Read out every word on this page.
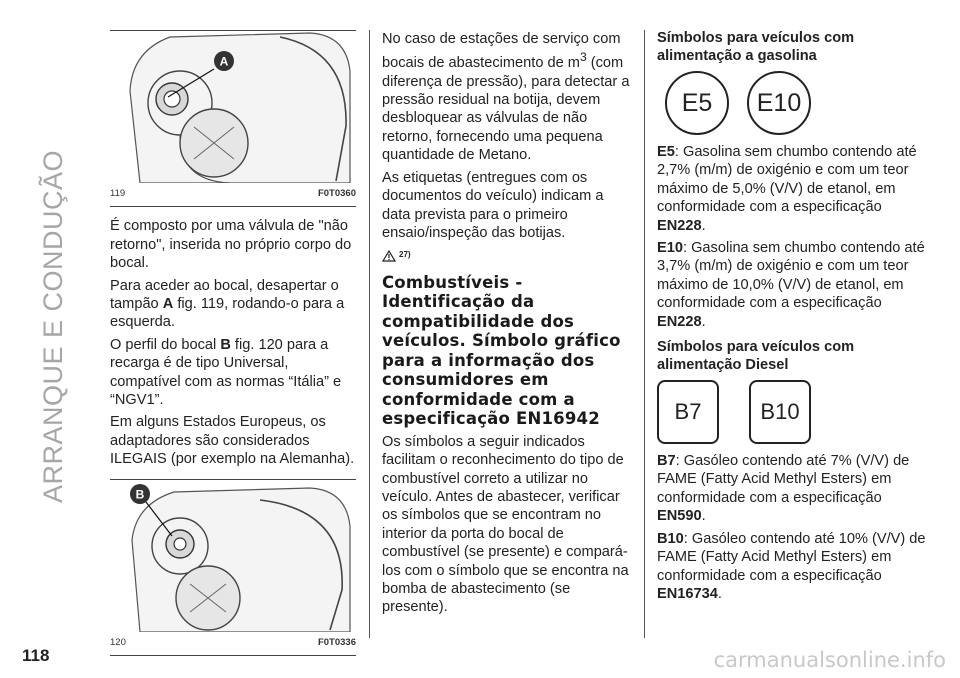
ARRANQUE E CONDUÇÃO
A
119	F0T0360

É composto por uma válvula de "não retorno", inserida no próprio corpo do bocal.

Para aceder ao bocal, desapertar o tampão A fig. 119, rodando-o para a esquerda.

O perfil do bocal B fig. 120 para a recarga é de tipo Universal, compatível com as normas “Itália” e “NGV1”.

Em alguns Estados Europeus, os adaptadores são considerados ILEGAIS (por exemplo na Alemanha).

B
120	F0T0336

No caso de estações de serviço com bocais de abastecimento de $m^3$ (com diferença de pressão), para detectar a pressão residual na botija, devem desbloquear as válvulas de não retorno, fornecendo uma pequena quantidade de Metano.

As etiquetas (entregues com os documentos do veículo) indicam a data prevista para o primeiro ensaio/inspeção das botijas.

27)
Combustíveis - Identificação da compatibilidade dos veículos. Símbolo gráfico para a informação dos consumidores em conformidade com a especificação EN16942

Os símbolos a seguir indicados facilitam o reconhecimento do tipo de combustível correto a utilizar no veículo. Antes de abastecer, verificar os símbolos que se encontram no interior da porta do bocal de combustível (se presente) e compará-los com o símbolo que se encontra na bomba de abastecimento (se presente).

Símbolos para veículos com alimentação a gasolina
E5	E10

E5: Gasolina sem chumbo contendo até 2,7% (m/m) de oxigénio e com um teor máximo de 5,0% (V/V) de etanol, em conformidade com a especificação EN228.

E10: Gasolina sem chumbo contendo até 3,7% (m/m) de oxigénio e com um teor máximo de 10,0% (V/V) de etanol, em conformidade com a especificação EN228.

Símbolos para veículos com alimentação Diesel
B7	B10

B7: Gasóleo contendo até 7% (V/V) de FAME (Fatty Acid Methyl Esters) em conformidade com a especificação EN590.

B10: Gasóleo contendo até 10% (V/V) de FAME (Fatty Acid Methyl Esters) em conformidade com a especificação EN16734.

118	carmanualsonline.info
